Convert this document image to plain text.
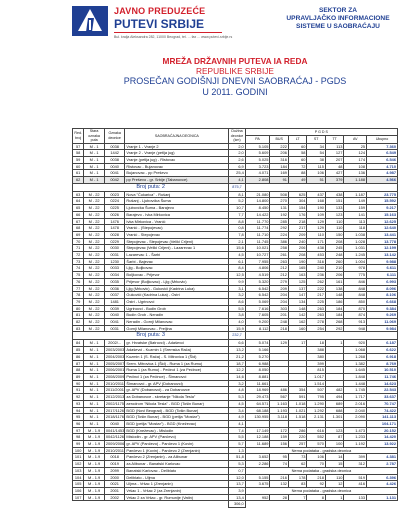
JAVNO PREDUZEĆE
PUTEVI SRBIJE
Bul. kralja Aleksandra 282, 11000 Beograd, tel. ... fax ... www.putevi-srbije.rs
SEKTOR ZA
UPRAVLJAČKO INFORMACIONE
SISTEME U SAOBRAĆAJU
MREŽA DRŽAVNIH PUTEVA IA REDA
REPUBLIKE SRBIJE
PROSEČAN GODIŠNJI DNEVNI SAOBRAĆAJ - PGDS
U 2011. GODINI
Red. broj	Stara oznaka puta	Oznaka deonice	SAOBRAĆAJNA DEONICA	Dužina deonice (km)	P G D S						
					PA	BUS	LT	ST	TT	AV	Ukupno
57	M - 1	0038	Vranje 1 - Vranje 2	2,0	5.105	222	60	34	113	25	7.360
58	M - 1	1442	Vranje 2 - Vranje (petlja jug)	2,0	5.609	206	58	54	127	124	6.549
59	M - 1	0038	Vranje (petlja jug) - Ristovac	2,6	5.025	316	60	38	207	174	6.546
60	M - 1	0040	Ristovac - Bujanovac	6,9	3.723	184	72	115	48	108	4.710
61	M - 1	0041	Bujanovac - pp Preševo	25,4	4.071	169	88	106	427	136	4.987
62	M - 1	0042	pp Preševo - gr. Srbije (Tabanovce)	4,1	2.808	91	49	51	379	1.188	4.566
Broj puta: 2				875,7							
63	M - 22	0023	Nova "Ćukarica" - Rušanj	8,1	21.080	508	625	437	438	1.187	23.775
64	M - 22	0224	Rušanj - Ljubovćka Šuma	5,2	14.800	270	304	168	151	149	15.592
65	M - 22	0225	Ljubovćka Šuma - Barajevo	10,7	8.450	131	154	190	133	159	9.217
66	M - 22	0026	Barajevo - Ivka Mirkovica	7,7	14.422	192	176	109	123	141	15.163
67	M - 22	1476	Ivka Mirkovica - Vranić	8,8	11.770	285	218	129	110	113	12.625
68	M - 22	1478	Vranić - (Stepojevac)	0,8	11.774	292	217	129	110	118	12.640
69	M - 22	0028	Vranić - Stepojevac	7,8	11.710	224	209	110	150	1.038	13.441
70	M - 22	0229	Stepojevac - Stepojevac (Veliki Crljeni)	2,1	11.745	386	240	171	208	1.028	13.778
71	M - 22	0030	Stepojevac (Veliki Crljeni) - Lazarevac 1	15,6	10.021	258	206	438	245	1.031	12.199
72	M - 22	0031	Lazarevac 1 - Šarbi	4,5	10.727	261	208	453	248	1.245	13.142
73	M - 22	1230	Šarbi - Bajevac	6,1	7.955	263	190	316	260	1.004	9.988
74	M - 22	0033	Ljig - Boljkovac	8,4	4.806	212	165	240	210	978	6.611
75	M - 22	0034	Boljkovac - Prijevor	12,5	4.519	212	163	236	206	775	6.111
76	M - 22	0035	Prijevor (Boljkovac) - Ljig (Mrkovic)	9,9	5.320	279	125	262	161	846	6.993
77	M - 22	0036	Ljig (Mrkovic) - Gukovići (Kadrina Luka)	3,1	6.542	209	137	222	138	848	8.096
78	M - 22	0037	Gukovići (Kadrina Luka) - Ostri	3,2	6.542	204	147	217	148	848	8.106
79	M - 22	1481	Ostri - Ugrinovci	8,6	5.069	204	134	225	186	850	6.668
80	M - 22	0039	Ugrinovci - Budin Grob	5,5	7.616	303	148	263	184	870	9.384
81	M - 22	0040	Budin Grob - Neradin	3,8	7.605	201	142	263	184	874	9.269
82	M - 22	0041	Neradin - Gornji Milanovac	4,0	9.200	248	162	278	268	913	11.069
83	M - 22	0031	Gornji Milanovac - Preljina	15,9	8.112	218	160	254	292	948	9.984
Broj puta: 3				232,7							
84	M - 1	2002/...	gr. Hrvatske (Batrovci) - Adaševci	6,6	5.074	129	17	18	1	920	6.187
85	M - 1	2003/2003	Adaševci - Kuzmin 1 (Sremska Rača)	13,2	5.166			388		1.068	6.622
86	M - 1	2004/2003	Kuzmin 1 (S. Rača) - S. Mitrovica 1 (Šid)	21,2	5.270			380		1.268	6.918
87	M - 1	2005/2007	Srem. Mitrovica 1 (Šid) - Ruma 1 (za Rumu)	18,7	6.988			399		1.382	8.769
88	M - 1	2006/2001	Ruma 1 (za Rumu) - Pećinci 1 (za Pećince)	12,2	8.050			815		1.645	10.510
89	M - 1	2008/2009	Pećinci 1 (za Pećince) - Šimanovci	14,6	8.881			1.017		1.848	11.746
90	M - 1	2010/2011	Šimanovci - gr. APV (Dobanovci)	3,2	11.661			1.514		1.448	14.623
91	M - 1	2011/2001	gr. APV (Dobanovci) - za Dobanovce	4,8	18.969	486	354	507	482	1.745	22.543
92	M - 1	2012/2013	za Dobanovce - skretanje "Nikola Tesla"	5,3	29.473	567	591	795	494	1.717	33.637
93	M - 1	2002/1175	aerodrom "Nikola Tesla" - BGD (Tošin Bunar)	4,5	64.571	1.163	1.018	1.290	689	2.016	70.747
94	M - 1	2017/1126	BGD (Novi Beograd) - BGD (Tošin Bunar)	3,4	68.188	1.193	1.021	1.292	688	2.040	74.422
95	M - 1	2018/1176	BGD (Tošin Bunar) - BGD (petlja "Mostar")	4,9	130.955	3.118	1.518	2.131	1.301	2.090	141.113
96	M - 1	0040	BGD (petlja "Mostar") - BGD (Kneževac)	4,1							104.171
97	M - 1.9	0041/1453	BGD (Kneževac) - Mislodin	7,4	17.149	172	286	616	123	1.473	20.152
98	M - 1.9	0042/1126	Mislodin - gr. APV (Pančevo)	5,5	12.188	159	220	552	87	1.233	14.420
99	M - 1.9	2009/2006	gr. APV (Pančevo) - Pančevo 1 (Kovin)	5,7	11.689	156	257	570	100	1.192	13.922
100	M - 1.9	2010/2011	Pančevo 1 (Kovin) - Pančevo 2 (Zrenjanin)	1,3	Nema podataka - gradska deonica						
101	M - 1.9	0018	Pančevo 2 (Zrenjanin) - za Alibunar	51,8	3.652	95	73	106	14	399	4.381
102	M - 1.9	0019	za Alibunar - Banatski Karlovac	5,3	2.286	74	62	70	15	312	2.787
103	M - 1.9	2099	Banatski Karlovac - Dellblato	0,7	Nema podataka - gradska deonica						
104	M - 1.9	2000	Deliblato - Uljma	12,0	5.155	216	178	218	110	519	6.396
105	M - 1.9	0021	Uljma - Vršac 1 (Zrenjanin)	13,7	3.675	132	83	92	12	416	4.426
106	M - 1.9	2001	Vršac 1 - Vršac 2 (za Zrenjanin)	3,9	Nema podataka - gradska deonica						
107	M - 1.9	2002	Vršac 2 za Vršac - gr. Rumunije (Vatin)	13,4	952	28	7	8	1	133	1.131
				306,0							
